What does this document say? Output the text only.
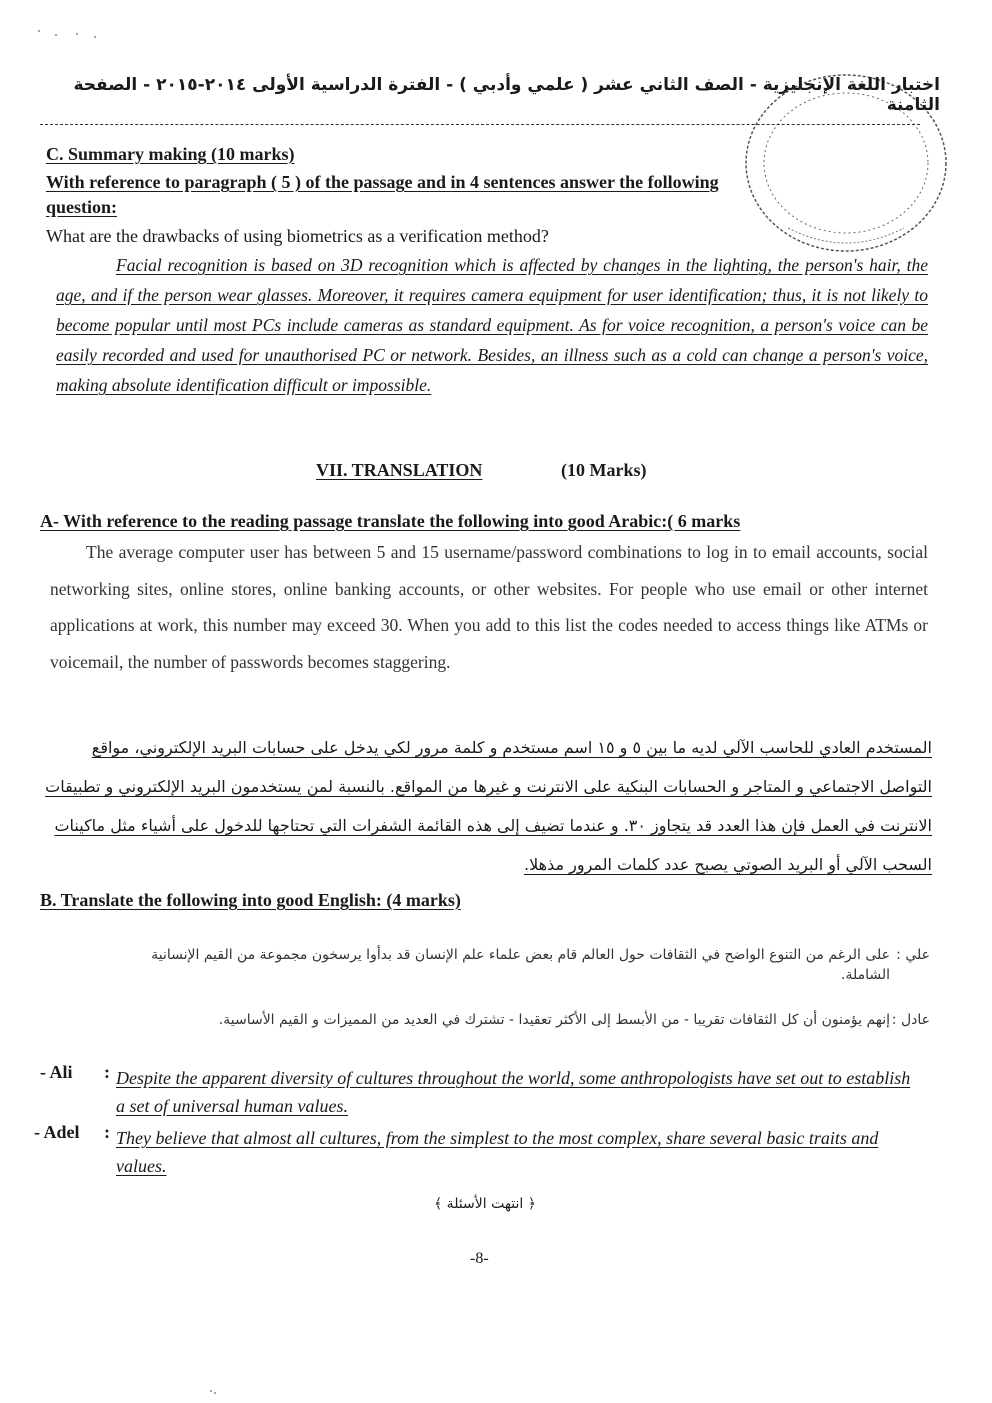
اختبار اللغة الإنجليزية - الصف الثاني عشر ( علمي وأدبي ) - الفترة الدراسية الأولى ٢٠١٤-٢٠١٥ - الصفحة الثامنة
C. Summary making (10 marks)
With reference to paragraph ( 5 ) of the passage and in 4 sentences answer the following
question:
What are the drawbacks of using biometrics as a verification method?
Facial recognition is based on 3D recognition which is affected by changes in the lighting, the person's hair, the age, and if the person wear glasses. Moreover, it requires camera equipment for user identification; thus, it is not likely to become popular until most PCs include cameras as standard equipment. As for voice recognition, a person's voice can be easily recorded and used for unauthorised PC or network. Besides, an illness such as a cold can change a person's voice, making absolute identification difficult or impossible.
VII. TRANSLATION	(10 Marks)
A- With reference to the reading passage translate the following into good Arabic:( 6 marks
The average computer user has between 5 and 15 username/password combinations to log in to email accounts, social networking sites, online stores, online banking accounts, or other websites. For people who use email or other internet applications at work, this number may exceed 30. When you add to this list the codes needed to access things like ATMs or voicemail, the number of passwords becomes staggering.
المستخدم العادي للحاسب الآلي لديه ما بين ٥ و ١٥ اسم مستخدم و كلمة مرور لكي يدخل على حسابات البريد الإلكتروني، مواقع التواصل الاجتماعي و المتاجر و الحسابات البنكية على الانترنت و غيرها من المواقع. بالنسبة لمن يستخدمون البريد الإلكتروني و تطبيقات الانترنت في العمل فإن هذا العدد قد يتجاوز ٣٠. و عندما تضيف إلى هذه القائمة الشفرات التي تحتاجها للدخول على أشياء مثل ماكينات السحب الآلي أو البريد الصوتي يصبح عدد كلمات المرور مذهلا.
B. Translate the following into good English: (4 marks)
على الرغم من التنوع الواضح في الثقافات حول العالم قام بعض علماء علم الإنسان قد بدأوا يرسخون مجموعة من القيم الإنسانية الشاملة.
علي :
إنهم يؤمنون أن كل الثقافات تقريبا - من الأبسط إلى الأكثر تعقيدا - تشترك في العديد من المميزات و القيم الأساسية. عادل :
- Ali : Despite the apparent diversity of cultures throughout the world, some anthropologists have set out to establish a set of universal human values.
- Adel : They believe that almost all cultures, from the simplest to the most complex, share several basic traits and values.
﴿ انتهت الأسئلة ﴾
-8-
